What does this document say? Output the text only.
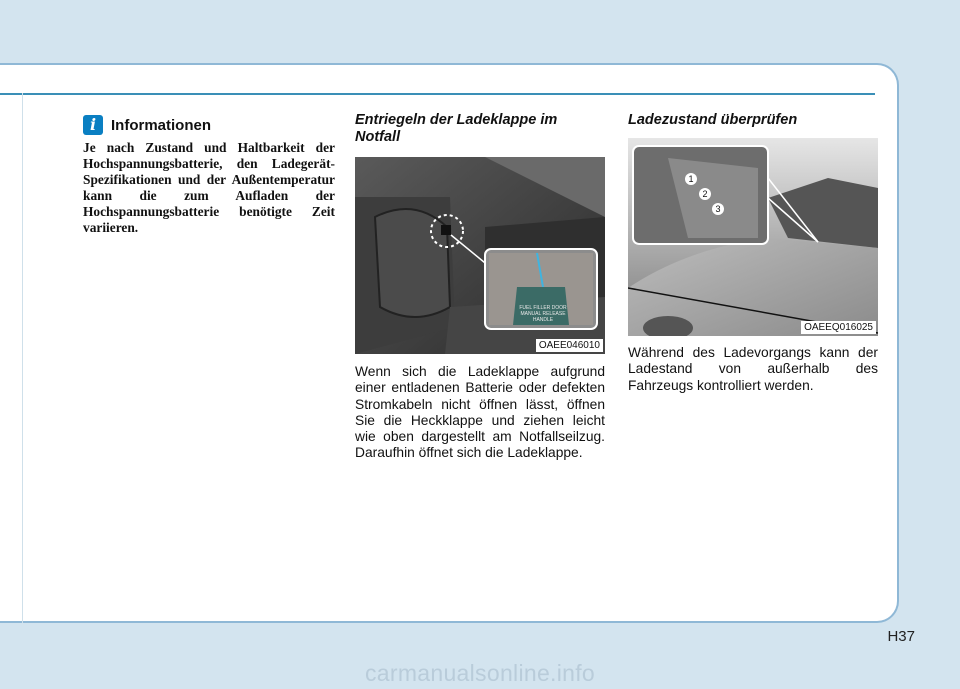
i Informationen
Je nach Zustand und Haltbarkeit der Hochspannungsbatterie, den Ladegerät-Spezifikationen und der Außentemperatur kann die zum Aufladen der Hochspannungsbatterie benötigte Zeit variieren.
Entriegeln der Ladeklappe im Notfall
FUEL FILLER DOOR MANUAL RELEASE HANDLE
OAEE046010
Wenn sich die Ladeklappe aufgrund einer entladenen Batterie oder defekten Stromkabeln nicht öffnen lässt, öffnen Sie die Heckklappe und ziehen leicht wie oben dargestellt am Notfallseilzug. Daraufhin öffnet sich die Ladeklappe.
Ladezustand überprüfen
1
2
3
OAEEQ016025
Während des Ladevorgangs kann der Ladestand von außerhalb des Fahrzeugs kontrolliert werden.
H37
carmanualsonline.info
